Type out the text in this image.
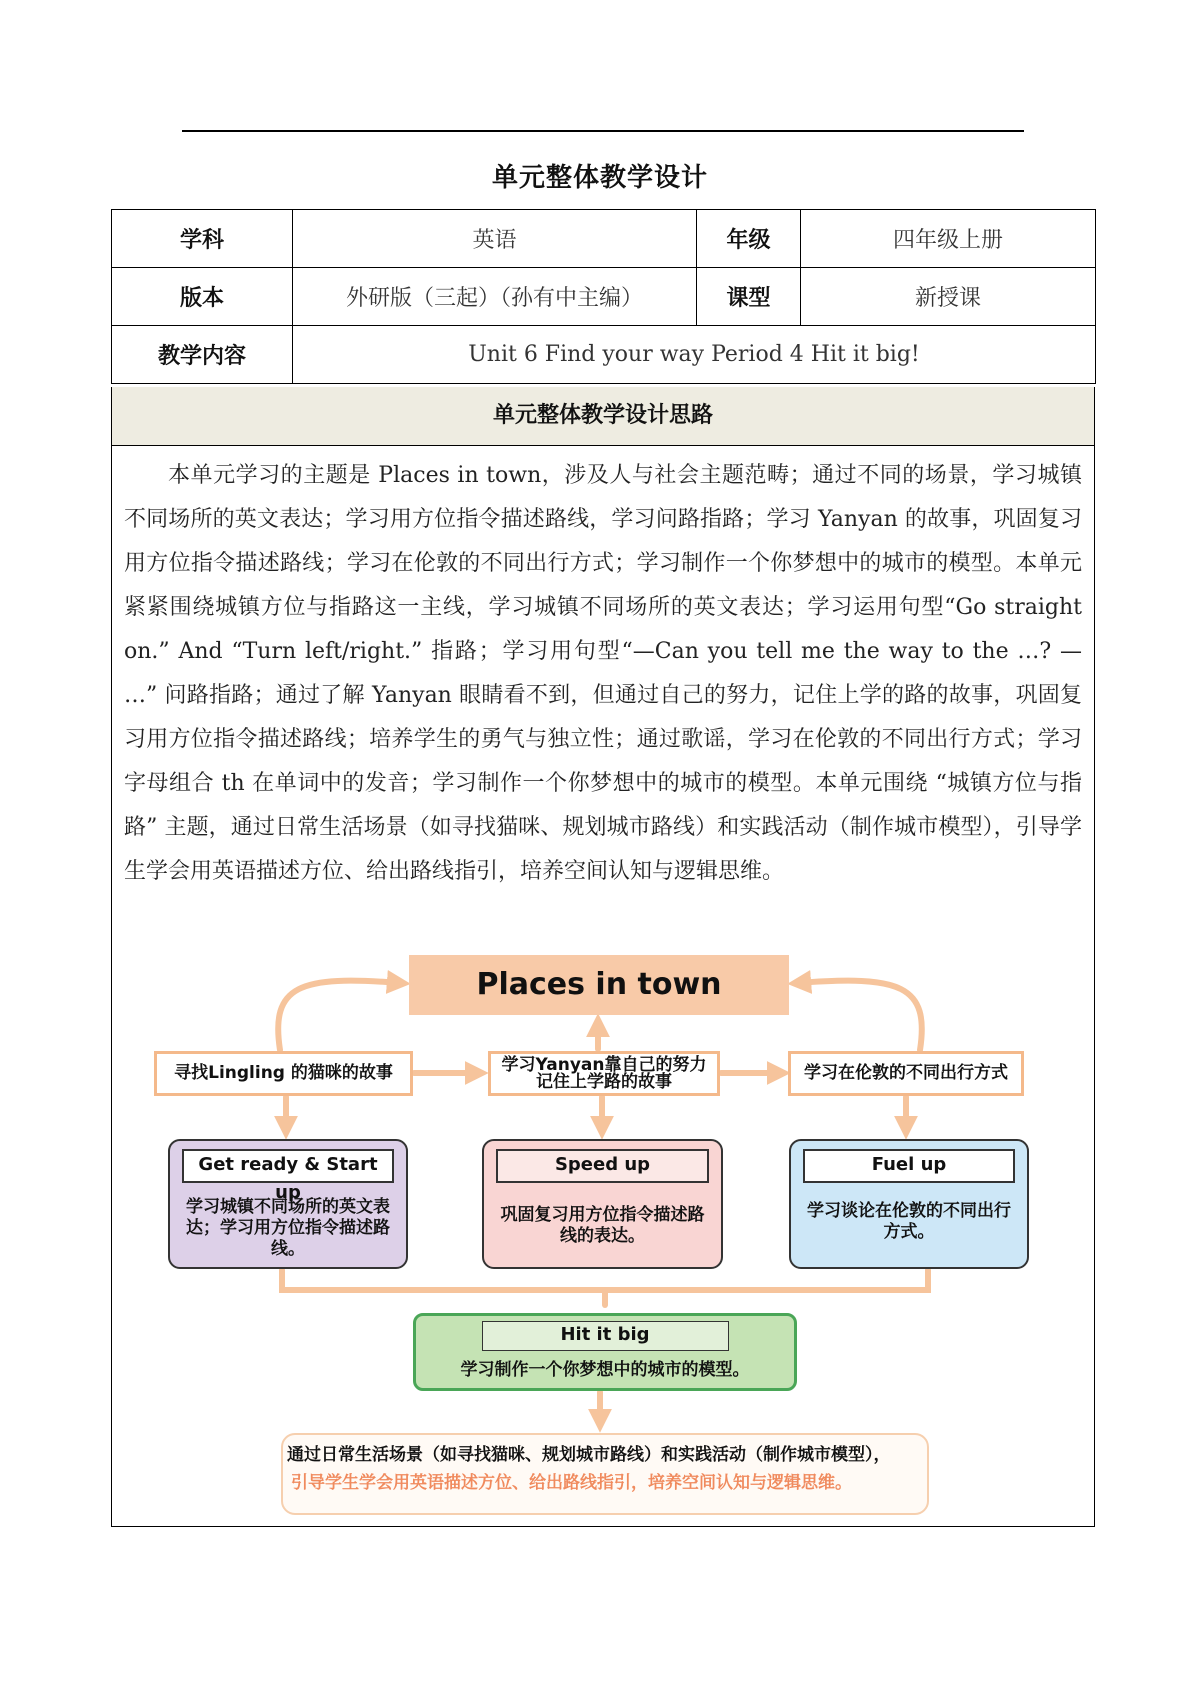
单元整体教学设计
学科	英语	年级	四年级上册
版本	外研版（三起）（孙有中主编）	课型	新授课
教学内容	Unit 6 Find your way Period 4 Hit it big!		
单元整体教学设计思路
本单元学习的主题是 Places in town，涉及人与社会主题范畴；通过不同的场景，学习城镇不同场所的英文表达；学习用方位指令描述路线，学习问路指路；学习 Yanyan 的故事，巩固复习用方位指令描述路线；学习在伦敦的不同出行方式；学习制作一个你梦想中的城市的模型。本单元紧紧围绕城镇方位与指路这一主线，学习城镇不同场所的英文表达；学习运用句型“Go straight on.” And “Turn left/right.” 指路；学习用句型“—Can you tell me the way to the …? — …” 问路指路；通过了解 Yanyan 眼睛看不到，但通过自己的努力，记住上学的路的故事，巩固复习用方位指令描述路线；培养学生的勇气与独立性；通过歌谣，学习在伦敦的不同出行方式；学习字母组合 th 在单词中的发音；学习制作一个你梦想中的城市的模型。本单元围绕 “城镇方位与指路” 主题，通过日常生活场景（如寻找猫咪、规划城市路线）和实践活动（制作城市模型），引导学生学会用英语描述方位、给出路线指引，培养空间认知与逻辑思维。
Places in town
寻找Lingling 的猫咪的故事	学习Yanyan靠自己的努力
记住上学路的故事	学习在伦敦的不同出行方式
Get ready & Start up
学习城镇不同场所的英文表达；学习用方位指令描述路线。
Speed up
巩固复习用方位指令描述路线的表达。
Fuel up
学习谈论在伦敦的不同出行方式。
Hit it big
学习制作一个你梦想中的城市的模型。
通过日常生活场景（如寻找猫咪、规划城市路线）和实践活动（制作城市模型），
引导学生学会用英语描述方位、给出路线指引，培养空间认知与逻辑思维。
